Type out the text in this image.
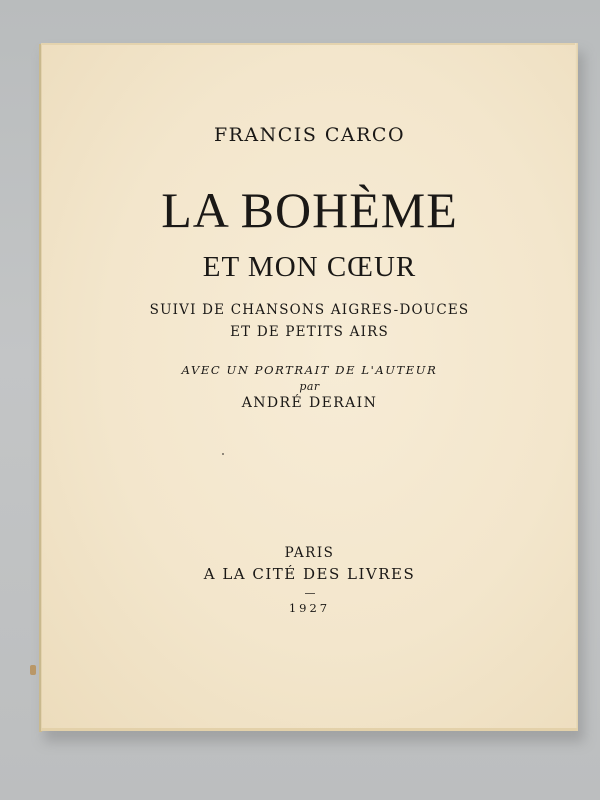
FRANCIS CARCO
LA BOHÈME
ET MON CŒUR
SUIVI DE CHANSONS AIGRES-DOUCES
ET DE PETITS AIRS
AVEC UN PORTRAIT DE L'AUTEUR
par
ANDRÉ DERAIN
PARIS
A LA CITÉ DES LIVRES
1927
